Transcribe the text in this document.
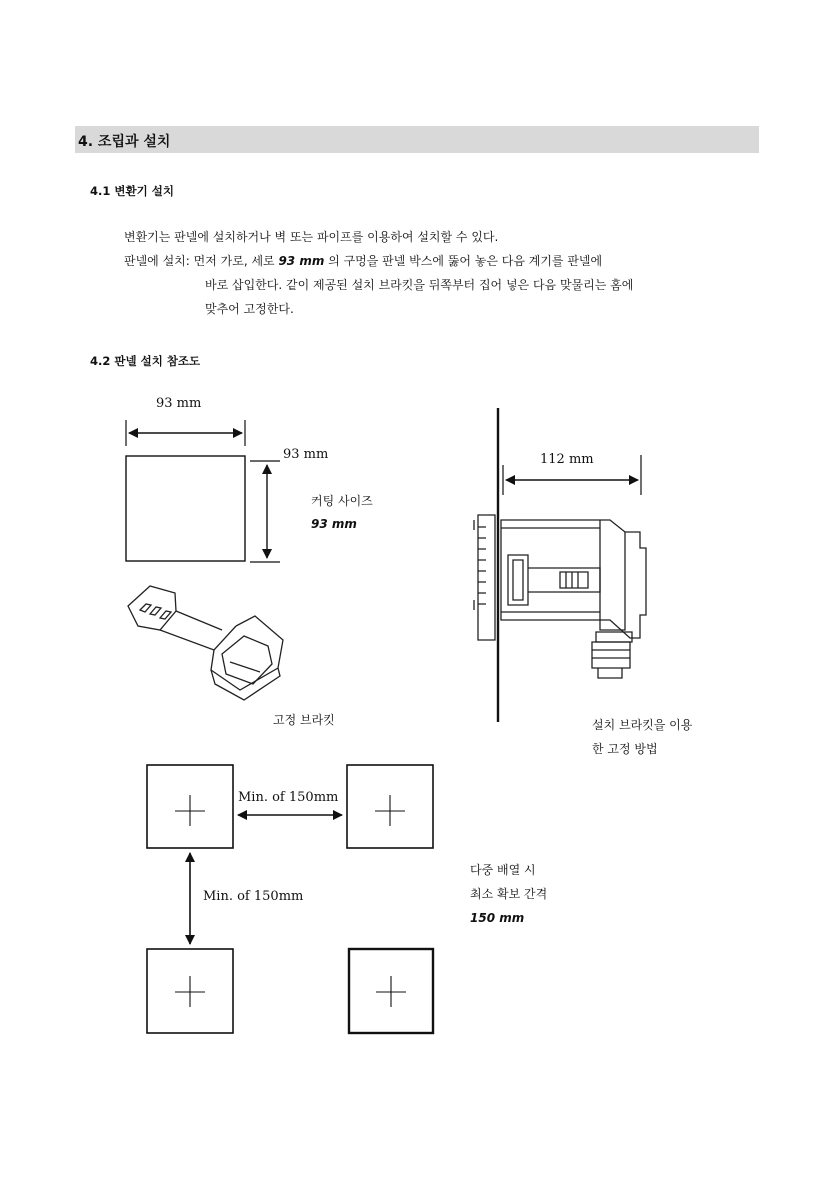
4. 조립과 설치
4.1 변환기 설치
변환기는 판넬에 설치하거나 벽 또는 파이프를 이용하여 설치할 수 있다.
판넬에 설치: 먼저 가로, 세로 93 mm 의 구멍을 판넬 박스에 뚫어 놓은 다음 계기를 판넬에
바로 삽입한다. 같이 제공된 설치 브라킷을 뒤쪽부터 집어 넣은 다음 맞물리는 홈에
맞추어 고정한다.
4.2 판넬 설치 참조도
93 mm
93 mm
커팅 사이즈
93 mm
112 mm
고정 브라킷	설치 브라킷을 이용
한 고정 방법
Min. of 150mm
Min. of 150mm
다중 배열 시
최소 확보 간격
150 mm
